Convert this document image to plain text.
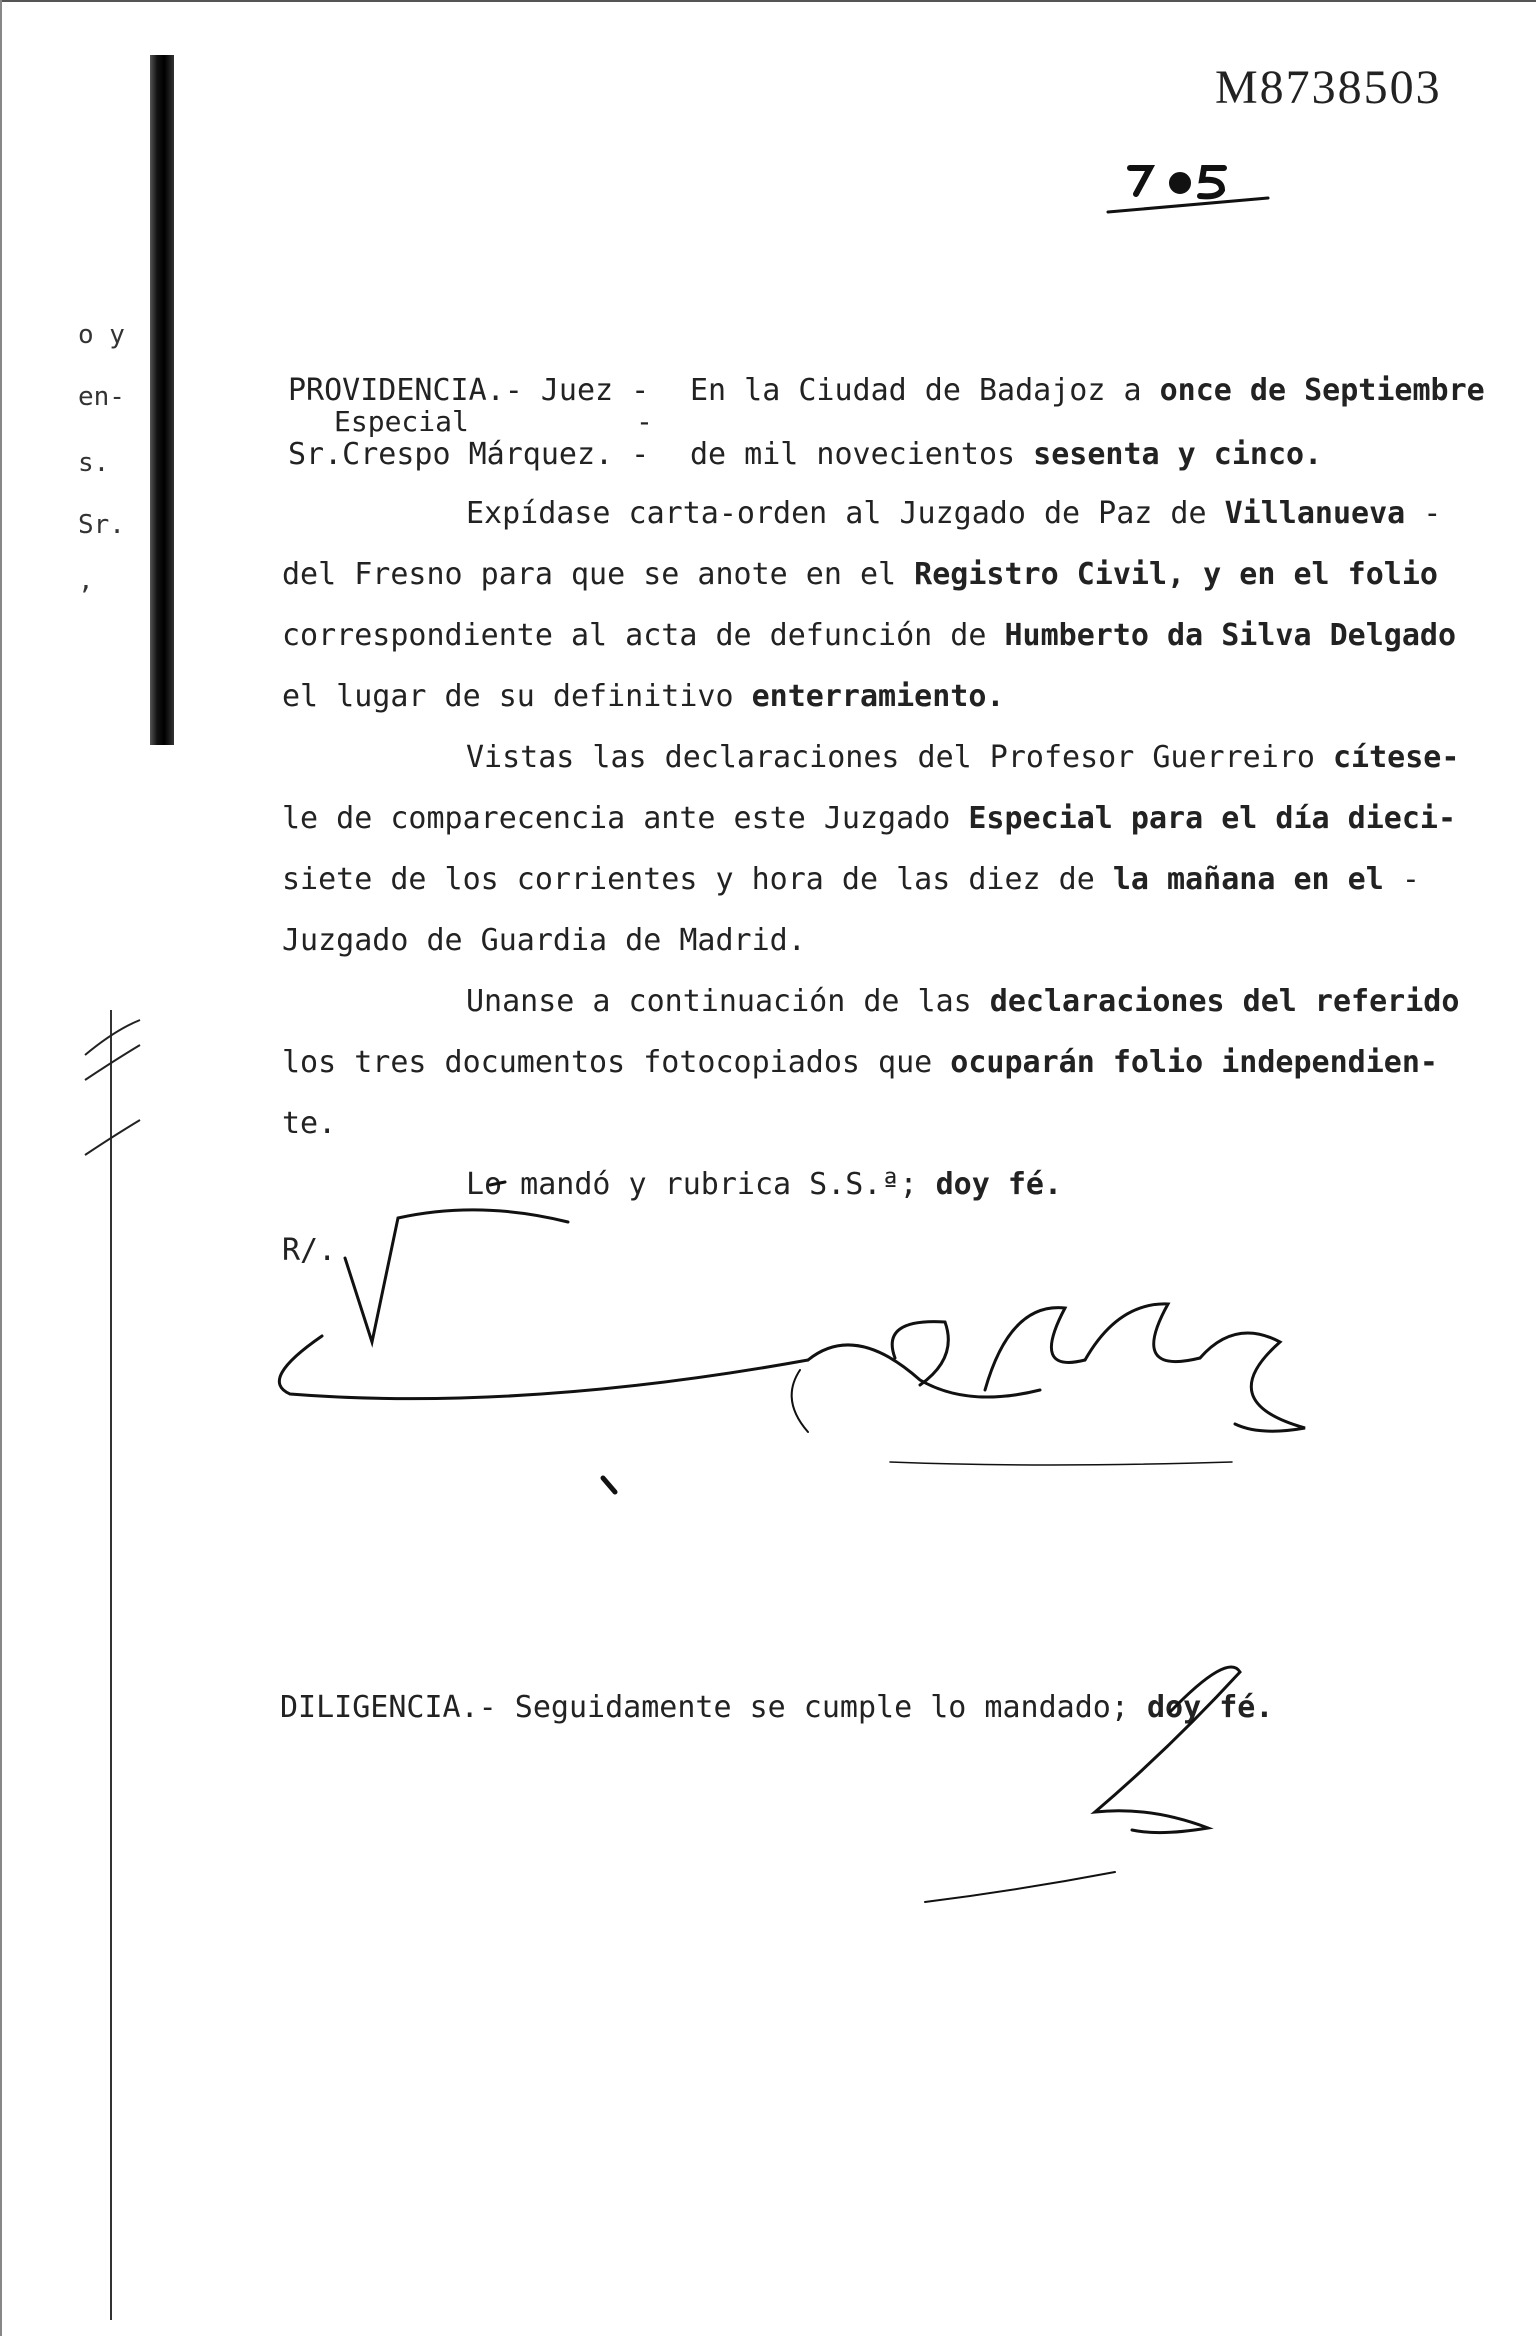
o y
en-
s.
Sr.
,
M8738503
PROVIDENCIA.- Juez - En la Ciudad de Badajoz a once de Septiembre
Especial	-
Sr.Crespo Márquez. - de mil novecientos sesenta y cinco.
Expídase carta-orden al Juzgado de Paz de Villanueva -
del Fresno para que se anote en el Registro Civil, y en el folio
correspondiente al acta de defunción de Humberto da Silva Delgado
el lugar de su definitivo enterramiento.
Vistas las declaraciones del Profesor Guerreiro cítese-
le de comparecencia ante este Juzgado Especial para el día dieci-
siete de los corrientes y hora de las diez de la mañana en el -
Juzgado de Guardia de Madrid.
Unanse a continuación de las declaraciones del referido
los tres documentos fotocopiados que ocuparán folio independien-
te.
Lo mandó y rubrica S.S.ª; doy fé.
R/.
DILIGENCIA.- Seguidamente se cumple lo mandado; doy fé.
